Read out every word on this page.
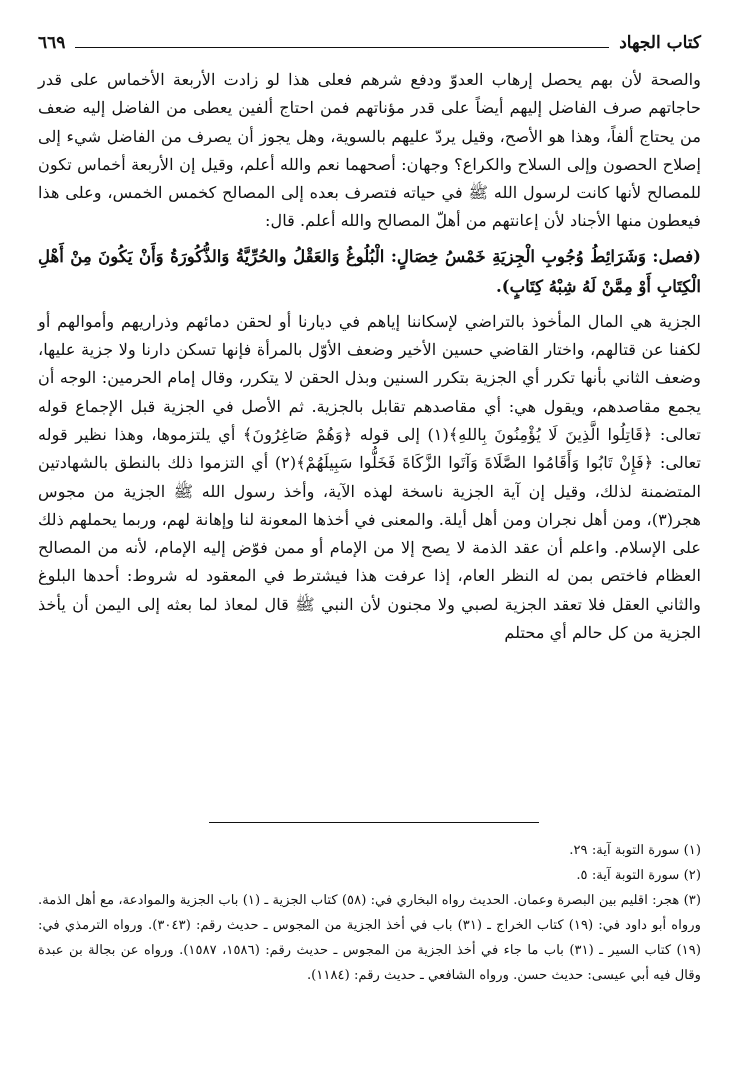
كتاب الجهاد
٦٦٩

والصحة لأن بهم يحصل إرهاب العدوّ ودفع شرهم فعلى هذا لو زادت الأربعة الأخماس على قدر حاجاتهم صرف الفاضل إليهم أيضاً على قدر مؤناتهم فمن احتاج ألفين يعطى من الفاضل إليه ضعف من يحتاج ألفاً، وهذا هو الأصح، وقيل يردّ عليهم بالسوية، وهل يجوز أن يصرف من الفاضل شيء إلى إصلاح الحصون وإلى السلاح والكراع؟ وجهان: أصحهما نعم والله أعلم، وقيل إن الأربعة أخماس تكون للمصالح لأنها كانت لرسول الله ﷺ في حياته فتصرف بعده إلى المصالح كخمس الخمس، وعلى هذا فيعطون منها الأجناد لأن إعانتهم من أهلّ المصالح والله أعلم. قال:

(فصل: وَشَرَائِطُ وُجُوبِ الْجِزيَةِ خَمْسُ خِصَالٍ: الْبُلُوغُ وَالعَقْلُ والحُرِّيَّةُ وَالذُّكُورَةُ وَأَنْ يَكُونَ مِنْ أَهْلِ الْكِتَابِ أَوْ مِمَّنْ لَهُ شِبْهُ كِتَابٍ).

الجزية هي المال المأخوذ بالتراضي لإسكاننا إياهم في ديارنا أو لحقن دمائهم وذراريهم وأموالهم أو لكفنا عن قتالهم، واختار القاضي حسين الأخير وضعف الأوّل بالمرأة فإنها تسكن دارنا ولا جزية عليها، وضعف الثاني بأنها تكرر أي الجزية بتكرر السنين وبذل الحقن لا يتكرر، وقال إمام الحرمين: الوجه أن يجمع مقاصدهم، ويقول هي: أي مقاصدهم تقابل بالجزية. ثم الأصل في الجزية قبل الإجماع قوله تعالى: ﴿قَاتِلُوا الَّذِينَ لَا يُؤْمِنُونَ بِاللهِ﴾(١) إلى قوله ﴿وَهُمْ صَاغِرُونَ﴾ أي يلتزموها، وهذا نظير قوله تعالى: ﴿فَإِنْ تَابُوا وَأَقَامُوا الصَّلَاةَ وَآتَوا الزَّكَاةَ فَخَلُّوا سَبِيلَهُمْ﴾(٢) أي التزموا ذلك بالنطق بالشهادتين المتضمنة لذلك، وقيل إن آية الجزية ناسخة لهذه الآية، وأخذ رسول الله ﷺ الجزية من مجوس هجر(٣)، ومن أهل نجران ومن أهل أيلة. والمعنى في أخذها المعونة لنا وإهانة لهم، وربما يحملهم ذلك على الإسلام. واعلم أن عقد الذمة لا يصح إلا من الإمام أو ممن فوّض إليه الإمام، لأنه من المصالح العظام فاختص بمن له النظر العام، إذا عرفت هذا فيشترط في المعقود له شروط: أحدها البلوغ والثاني العقل فلا تعقد الجزية لصبي ولا مجنون لأن النبي ﷺ قال لمعاذ لما بعثه إلى اليمن أن يأخذ الجزية من كل حالم أي محتلم

(١) سورة التوبة آية: ٢٩.

(٢) سورة التوبة آية: ٥.

(٣) هجر: اقليم بين البصرة وعمان. الحديث رواه البخاري في: (٥٨) كتاب الجزية ـ (١) باب الجزية والموادعة، مع أهل الذمة. ورواه أبو داود في: (١٩) كتاب الخراج ـ (٣١) باب في أخذ الجزية من المجوس ـ حديث رقم: (٣٠٤٣). ورواه الترمذي في: (١٩) كتاب السير ـ (٣١) باب ما جاء في أخذ الجزية من المجوس ـ حديث رقم: (١٥٨٦، ١٥٨٧). ورواه عن بجالة بن عبدة وقال فيه أبي عيسى: حديث حسن. ورواه الشافعي ـ حديث رقم: (١١٨٤).
